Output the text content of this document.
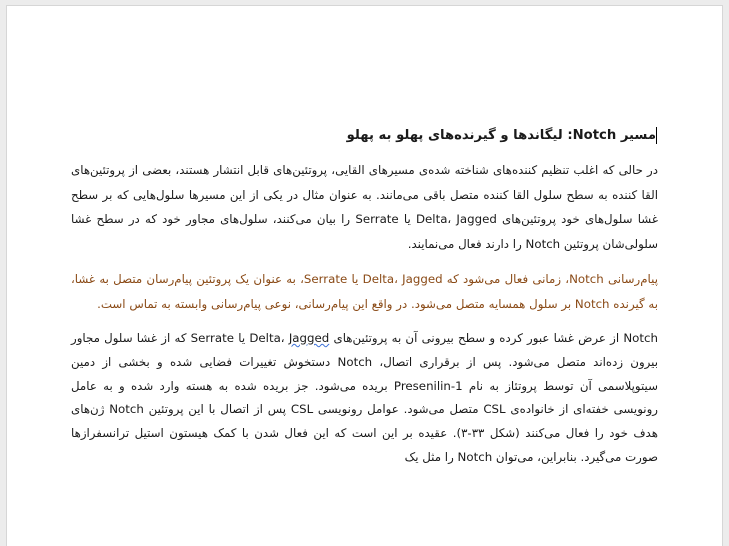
مسیر Notch: لیگاندها و گیرنده‌های پهلو به پهلو

در حالی که اغلب تنظیم کننده‌های شناخته شده‌ی مسیرهای القایی، پروتئین‌های قابل انتشار هستند، بعضی از پروتئین‌های القا کننده به سطح سلول القا کننده متصل باقی می‌مانند. به عنوان مثال در یکی از این مسیرها سلول‌هایی که بر سطح غشا سلول‌های خود پروتئین‌های Delta، Jagged یا Serrate را بیان می‌کنند، سلول‌های مجاور خود که در سطح غشا سلولی‌شان پروتئین Notch را دارند فعال می‌نمایند.

پیام‌رسانی Notch، زمانی فعال می‌شود که Delta، Jagged یا Serrate، به عنوان یک پروتئین پیام‌رسان متصل به غشا، به گیرنده Notch بر سلول همسایه متصل می‌شود. در واقع این پیام‌رسانی، نوعی پیام‌رسانی وابسته به تماس است.

Notch از عرض غشا عبور کرده و سطح بیرونی آن به پروتئین‌های Delta، Jagged یا Serrate که از غشا سلول مجاور بیرون زده‌اند متصل می‌شود. پس از برقراری اتصال، Notch دستخوش تغییرات فضایی شده و بخشی از دمین سیتوپلاسمی آن توسط پروتئاز به نام Presenilin-1 بریده می‌شود. جز بریده شده به هسته وارد شده و به عامل رونویسی خفته‌ای از خانواده‌ی CSL متصل می‌شود. عوامل رونویسی CSL پس از اتصال با این پروتئین Notch ژن‌های هدف خود را فعال می‌کنند (شکل ۳۳-۳). عقیده بر این است که این فعال شدن با کمک هیستون استیل ترانسفرازها صورت می‌گیرد. بنابراین، می‌توان Notch را مثل یک
